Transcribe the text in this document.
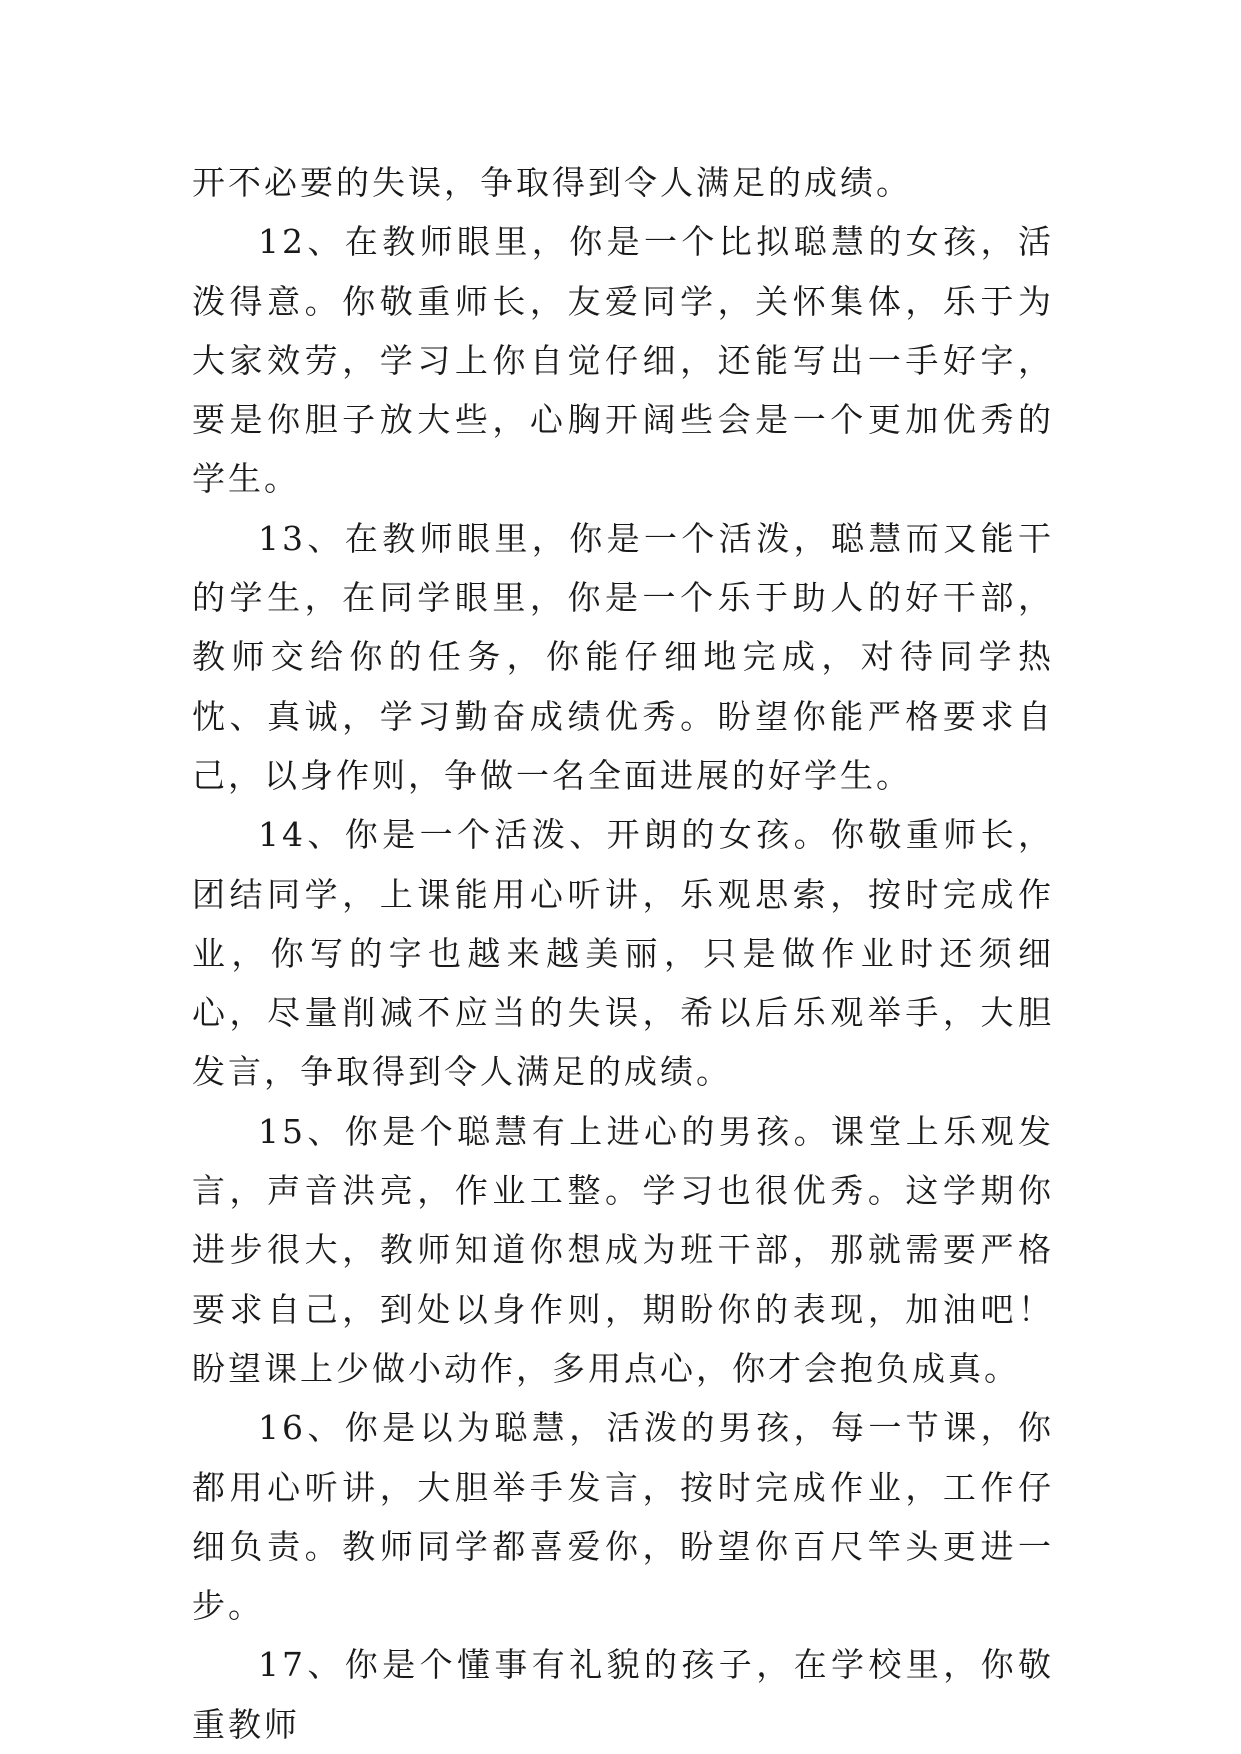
开不必要的失误，争取得到令人满足的成绩。

12、在教师眼里，你是一个比拟聪慧的女孩，活泼得意。你敬重师长，友爱同学，关怀集体，乐于为大家效劳，学习上你自觉仔细，还能写出一手好字，要是你胆子放大些，心胸开阔些会是一个更加优秀的学生。

13、在教师眼里，你是一个活泼，聪慧而又能干的学生，在同学眼里，你是一个乐于助人的好干部，教师交给你的任务，你能仔细地完成，对待同学热忱、真诚，学习勤奋成绩优秀。盼望你能严格要求自己，以身作则，争做一名全面进展的好学生。

14、你是一个活泼、开朗的女孩。你敬重师长，团结同学，上课能用心听讲，乐观思索，按时完成作业，你写的字也越来越美丽，只是做作业时还须细心，尽量削减不应当的失误，希以后乐观举手，大胆发言，争取得到令人满足的成绩。

15、你是个聪慧有上进心的男孩。课堂上乐观发言，声音洪亮，作业工整。学习也很优秀。这学期你进步很大，教师知道你想成为班干部，那就需要严格要求自己，到处以身作则，期盼你的表现，加油吧！盼望课上少做小动作，多用点心，你才会抱负成真。

16、你是以为聪慧，活泼的男孩，每一节课，你都用心听讲，大胆举手发言，按时完成作业，工作仔细负责。教师同学都喜爱你，盼望你百尺竿头更进一步。

17、你是个懂事有礼貌的孩子，在学校里，你敬重教师
